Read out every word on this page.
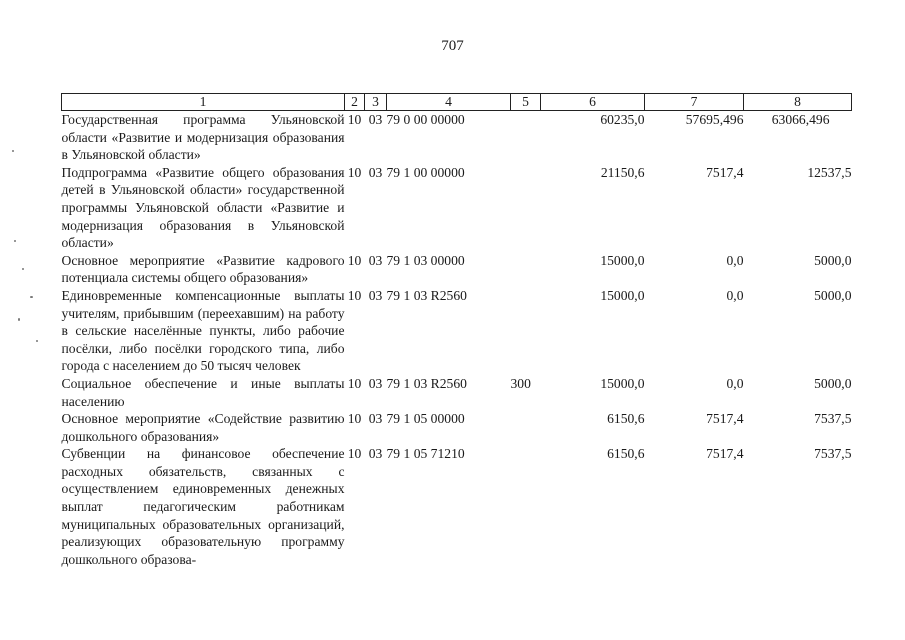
707
1	2	3	4	5	6	7	8
Государственная программа Ульяновской области «Развитие и модернизация образования в Ульяновской области»	10	03	79 0 00 00000		60235,0	57695,496	63066,496
Подпрограмма «Развитие общего образования детей в Ульяновской области» государственной программы Ульяновской области «Развитие и модернизация образования в Ульяновской области»	10	03	79 1 00 00000		21150,6	7517,4	12537,5
Основное мероприятие «Развитие кадрового потенциала системы общего образования»	10	03	79 1 03 00000		15000,0	0,0	5000,0
Единовременные компенсационные выплаты учителям, прибывшим (переехавшим) на работу в сельские населённые пункты, либо рабочие посёлки, либо посёлки городского типа, либо города с населением до 50 тысяч человек	10	03	79 1 03 R2560		15000,0	0,0	5000,0
Социальное обеспечение и иные выплаты населению	10	03	79 1 03 R2560	300	15000,0	0,0	5000,0
Основное мероприятие «Содействие развитию дошкольного образования»	10	03	79 1 05 00000		6150,6	7517,4	7537,5
Субвенции на финансовое обеспечение расходных обязательств, связанных с осуществлением единовременных денежных выплат педагогическим работникам муниципальных образовательных организаций, реализующих образовательную программу дошкольного образова-	10	03	79 1 05 71210		6150,6	7517,4	7537,5
